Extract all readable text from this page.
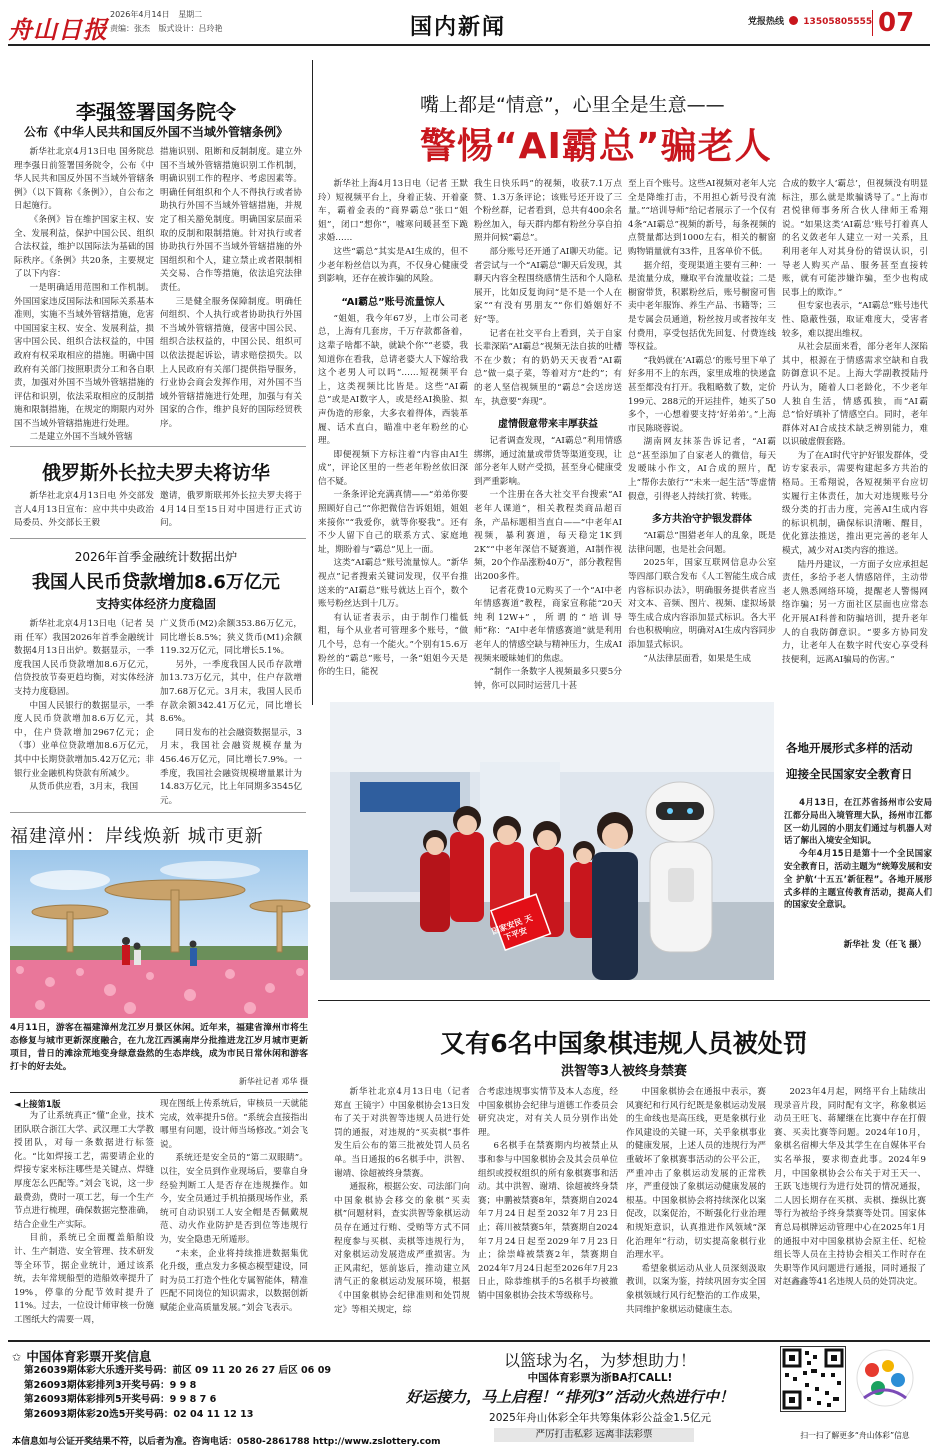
舟山日报
2026年4月14日 星期二
责编：张杰 版式设计：吕玲艳	国内新闻	党报热线 13505805555 07
李强签署国务院令
公布《中华人民共和国反外国不当域外管辖条例》

新华社北京4月13日电 国务院总理李强日前签署国务院令，公布《中华人民共和国反外国不当域外管辖条例》（以下简称《条例》），自公布之日起施行。

《条例》旨在维护国家主权、安全、发展利益，保护中国公民、组织合法权益，维护以国际法为基础的国际秩序。《条例》共20条，主要规定了以下内容：

一是明确适用范围和工作机制。外国国家违反国际法和国际关系基本准则，实施不当域外管辖措施，危害中国国家主权、安全、发展利益，损害中国公民、组织合法权益的，中国政府有权采取相应的措施。明确中国政府有关部门按照职责分工和各自职责，加强对外国不当域外管辖措施的评估和识别，依法采取相应的反制措施和限制措施，在规定的期限内对外国不当域外管辖措施进行处理。

二是建立外国不当域外管辖

措施识别、阻断和反制制度。建立外国不当域外管辖措施识别工作机制，明确识别工作的程序、考虑因素等。明确任何组织和个人不得执行或者协助执行外国不当域外管辖措施，并规定了相关豁免制度。明确国家层面采取的反制和限制措施。针对执行或者协助执行外国不当域外管辖措施的外国组织和个人，建立禁止或者限制相关交易、合作等措施，依法追究法律责任。

三是健全服务保障制度。明确任何组织、个人执行或者协助执行外国不当域外管辖措施，侵害中国公民、组织合法权益的，中国公民、组织可以依法提起诉讼，请求赔偿损失。以上人民政府有关部门提供指导服务，行业协会商会发挥作用，对外国不当域外管辖措施进行处理，加强与有关国家的合作，维护良好的国际经贸秩序。

俄罗斯外长拉夫罗夫将访华

新华社北京4月13日电 外交部发言人4月13日宣布：应中共中央政治局委员、外交部长王毅

邀请，俄罗斯联邦外长拉夫罗夫将于4月14日至15日对中国进行正式访问。

2026年首季金融统计数据出炉
我国人民币贷款增加8.6万亿元
支持实体经济力度稳固

新华社北京4月13日电（记者 吴雨 任军）我国2026年首季金融统计数据4月13日出炉。数据显示，一季度我国人民币贷款增加8.6万亿元，信贷投放节奏更趋均衡，对实体经济支持力度稳固。

中国人民银行的数据显示，一季度人民币贷款增加8.6万亿元，其中，住户贷款增加2967亿元；企（事）业单位贷款增加8.6万亿元，其中中长期贷款增加5.42万亿元；非银行业金融机构贷款有所减少。

从货币供应看，3月末，我国

广义货币(M2)余额353.86万亿元，同比增长8.5%；狭义货币(M1)余额119.32万亿元，同比增长5.1%。

另外，一季度我国人民币存款增加13.73万亿元，其中，住户存款增加7.68万亿元。3月末，我国人民币存款余额342.41万亿元，同比增长8.6%。

同日发布的社会融资数据显示，3月末，我国社会融资规模存量为456.46万亿元，同比增长7.9%。一季度，我国社会融资规模增量累计为14.83万亿元，比上年同期多3545亿元。

福建漳州：岸线焕新 城市更新
4月11日，游客在福建漳州龙江岁月景区休闲。近年来，福建省漳州市将生态修复与城市更新深度融合，在九龙江西溪南岸分批推进龙江岁月城市更新项目，昔日的滩涂荒地变身绿意盎然的生态岸线，成为市民日常休闲和游客打卡的好去处。
新华社记者 邓华 摄
◄上接第1版

为了让系统真正“懂”企业，技术团队联合浙江大学、武汉理工大学教授团队，对每一条数据进行标签化。“比如焊接工艺，需要请企业的焊接专家来标注哪些是关键点、焊缝厚度怎么匹配等。”刘会飞说，这一步最费劲，费时一项工艺，每一个生产节点进行梳理，确保数据完整准确，结合企业生产实际。

目前，系统已全面覆盖船舶设计、生产制造、安全管理、技术研发等全环节，据企业统计，通过该系统，去年常规船型的造船效率提升了19%，停靠的分配节效时提升了11%。过去，一位设计师审核一份施工图纸大约需要一周，

现在图纸上传系统后，审核员一天就能完成，效率提升5倍。“系统会直接指出哪里有问题，设计师当场修改。”刘会飞说。

系统还是安全员的“第二双眼睛”。以往，安全员到作业现场后，要靠自身经验判断工人是否存在违规操作。如今，安全员通过手机拍摄现场作业，系统可自动识别工人安全帽是否佩戴规范、动火作业防护是否到位等违规行为，安全隐患无所遁形。

“未来，企业将持续推进数据集优化升级，重点发力多模态模型建设，同时为员工打造个性化专属智能体，精准匹配不同岗位的知识需求，以数据创新赋能企业高质量发展。”刘会飞表示。

嘴上都是“情意”，心里全是生意——
警惕“AI霸总”骗老人

新华社上海4月13日电（记者 王默玲）短视频平台上，身着正装、开着豪车，霸着金表的“商界霸总”张口“姐姐”，闭口“想你”，嘘寒问暖甚至下跪求婚……

这些“霸总”其实是AI生成的，但不少老年粉丝信以为真，不仅身心健康受到影响，还存在被诈骗的风险。

“AI霸总”账号流量惊人

“姐姐，我今年67岁，上市公司老总，上海有几套房，千万存款都备着，这辈子啥都不缺，就缺个你”“老婆，我知道你在看我，总请老婆大人下嫁给我这个老男人可以吗”……短视频平台上，这类视频比比皆是。这些“AI霸总”或是AI数字人，或是经AI换脸、拟声伪造的形象，大多衣着得体，西装革履、话术直白，瞄准中老年粉丝的心理。

即便视频下方标注着“内容由AI生成”，评论区里的一些老年粉丝依旧深信不疑。

一条条评论充满真情——“弟弟你要照顾好自己”“你把微信告诉姐姐，姐姐来接你”“我爱你，就等你娶我”。还有不少人留下自己的联系方式、家庭地址，期盼着与“霸总”见上一面。

这类“AI霸总”账号流量惊人。“新华视点”记者搜索关键词发现，仅平台推送来的“AI霸总”账号就达上百个，数个账号粉丝达到十几万。

有认证者表示，由于制作门槛低粗，每个从业者可管理多个账号，“做几个号，总有一个能火。”个别有15.6万粉丝的“霸总”账号，一条“姐姐今天是你的生日，能祝

我生日快乐吗”的视频，收获7.1万点赞、1.3万条评论；该账号还开设了三个粉丝群，记者看到，总共有400余名粉丝加入，每天群内都有粉丝分享自拍照并问候“霸总”。

部分账号还开通了AI聊天功能。记者尝试与一个“AI霸总”聊天后发现，其聊天内容全程围绕感情生活和个人隐私展开，比如反复询问“是不是一个人在家”“有没有男朋友”“你们婚姻好不好”等。

记者在社交平台上看到，关于自家长辈深陷“AI霸总”视频无法自拔的吐槽不在少数；有的奶奶天天夜看“AI霸总”做一桌子菜，等着对方“赴约”；有的老人坚信视频里的“霸总”会送房送车，执意要“奔现”。

虚情假意带来丰厚获益

记者调查发现，“AI霸总”利用情感绑绑，通过流量或带货等渠道变现，让部分老年人财产受损，甚至身心健康受到严重影响。

一个注册在各大社交平台搜索“AI老年人课道”，相关教程类商品超百条，产品标题相当直白——“中老年AI视频，暴利赛道，每天稳定1K到2K”“中老年深信不疑赛道，AI制作视频，20个作品涨粉40万”，部分教程售出200多件。

记者花费10元购买了一个“AI中老年情感赛道”教程，商家宣称能“20天纯利12W+”，所谓的“培训导师”称：“AI中老年情感赛道”就是利用老年人的情感空缺与精神压力，生成AI视频来暧昧她们的焦虑。

“制作一条数字人视频最多只要5分钟，你可以同时运营几十甚

至上百个账号。这些AI视频对老年人完全是降维打击，不用担心新号没有流量。”“培训导师”给记者展示了一个仅有4条“AI霸总”视频的新号，每条视频的点赞量都达到1000左右，相关的橱窗购物销量就有33件，且客单价不低。

据介绍，变现渠道主要有三种：一是流量分成，赚取平台流量收益；二是橱窗带货，积累粉丝后，账号橱窗可售卖中老年服饰、养生产品、书籍等；三是专属会员通道，粉丝按月或者按年支付费用，享受包括优先回复、付费连线等权益。

“我妈就在‘AI霸总’的账号里下单了好多用不上的东西，家里成堆的快递盒甚至都没有打开。我粗略数了数，定价199元、288元的开运挂件，她买了50多个，一心想着要支持‘好弟弟’。”上海市民陈晓蓉说。

湖南网友抹茶告诉记者，“AI霸总”甚至添加了自家老人的微信，每天发暧昧小作文，AI合成的照片，配上“帮你去旅行”“未来一起生活”等虚情假意，引得老人持续打赏、转账。

多方共治守护银发群体

“AI霸总”围猎老年人的乱象，既是法律问题，也是社会问题。

2025年，国家互联网信息办公室等四部门联合发布《人工智能生成合成内容标识办法》，明确服务提供者应当对文本、音频、图片、视频、虚拟场景等生成合成内容添加显式标识。各大平台也积极响应，明确对AI生成内容同步添加显式标识。

“从法律层面看，如果是生成

合成的数字人‘霸总’，但视频没有明显标注，那么就是欺骗诱导了。”上海市君悦律师事务所合伙人律师王希翔说。“如果这类‘AI霸总’账号打着真人的名义敛老年人建立一对一关系，且利用老年人对其身份的错误认识，引导老人购买产品、服务甚至直接转账，就有可能涉嫌诈骗，至少也构成民事上的欺诈。”

但专家也表示，“AI霸总”账号违代性、隐蔽性强，取证难度大，受害者较多，难以提出维权。

从社会层面来看，部分老年人深陷其中，根源在于情感需求空缺和自我防御意识不足。上海大学副教授陆丹丹认为，随着人口老龄化，不少老年人独自生活，情感孤独，而“AI霸总”恰好填补了情感空白。同时，老年群体对AI合成技术缺乏辨别能力，难以识破虚假套路。

为了在AI时代守护好银发群体，受访专家表示，需要构建起多方共治的格局。王希翔说，各短视频平台应切实履行主体责任，加大对违规账号分级分类的打击力度，完善AI生成内容的标识机制，确保标识清晰、醒目，优化算法推送，推出更完善的老年人模式，减少对AI类内容的推送。

陆丹丹建议，一方面子女应承担起责任，多给予老人情感陪伴，主动带老人熟悉网络环境，提醒老人警惕网络诈骗；另一方面社区层面也应常态化开展AI科普和防骗培训，提升老年人的自我防御意识。“要多方协同发力，让老年人在数字时代安心享受科技便利，远离AI骗局的伤害。”

国家安民 天下平安
各地开展形式多样的活动
迎接全民国家安全教育日

4月13日，在江苏省扬州市公安局江都分局出入境管理大队，扬州市江都区一幼儿园的小朋友们通过与机器人对话了解出入境安全知识。

今年4月15日是第十一个全民国家安全教育日，活动主题为“统筹发展和安全 护航‘十五五’新征程”。各地开展形式多样的主题宣传教育活动，提高人们的国家安全意识。

新华社 发（任飞 摄）
又有6名中国象棋违规人员被处罚
洪智等3人被终身禁赛

新华社北京4月13日电（记者 郑直 王镜宇）中国象棋协会13日发布了关于对洪智等违规人员进行处罚的通报，对违规的“买卖棋”事件发生后公布的第三批被处罚人员名单。当日通报的6名棋手中，洪智、谢靖、徐超被终身禁赛。

通报称，根据公安、司法部门向中国象棋协会移交的象棋“买卖棋”问题材料，查实洪智等象棋运动员存在通过行贿、受贿等方式不同程度参与买棋、卖棋等违规行为，对象棋运动发展造成严重损害。为正风肃纪，惩前毖后，推动建立风清气正的象棋运动发展环境，根据《中国象棋协会纪律准则和处罚规定》等相关规定，综

合考虑违规事实情节及本人态度，经中国象棋协会纪律与道德工作委员会研究决定，对有关人员分别作出处理。

6名棋手在禁赛期内均被禁止从事和参与中国象棋协会及其会员单位组织或授权组织的所有象棋赛事和活动。其中洪智、谢靖、徐超被终身禁赛；申鹏被禁赛8年，禁赛期自2024年7月24日起至2032年7月23日止；蒋川被禁赛5年，禁赛期自2024年7月24日起至2029年7月23日止；徐崇峰被禁赛2年，禁赛期自2024年7月24日起至2026年7月23日止，除恭维棋手的5名棋手均被撤销中国象棋协会技术等级称号。

中国象棋协会在通报中表示，赛风赛纪和行风行纪既是象棋运动发展的生命线也是高压线，更是象棋行业作风建设的关键一环，关乎象棋事业的健康发展，上述人员的违规行为严重破坏了象棋赛事活动的公平公正，严重冲击了象棋运动发展的正常秩序，严重侵蚀了象棋运动健康发展的根基。中国象棋协会将持续深化以案促改，以案促治，不断强化行业治理和规矩意识，认真推进作风领域“深化治理年”行动，切实提高象棋行业治理水平。

希望象棋运动从业人员深刻汲取教训，以案为鉴，持续巩固夯实全国象棋领域行风行纪整治的工作成果，共同维护象棋运动健康生态。

2023年4月起，网络平台上陆续出现录音片段，同时配有文字，称象棋运动员王旺飞、蒋耀继在比赛中存在打假赛、买卖比赛等问题。2024年10月，象棋名宿柳大华及其学生在自媒体平台实名举报，要求彻查此事。2024年9月，中国象棋协会公布关于对王天一、王跃飞违规行为进行处罚的情况通报，二人因长期存在买棋、卖棋、操纵比赛等行为被给予终身禁赛等处罚。国家体育总局棋牌运动管理中心在2025年1月的通报中对中国象棋协会原主任、纪检组长等人员在主持协会相关工作时存在失职等作风问题进行通报，同时通报了对赵鑫鑫等41名违规人员的处罚决定。

✩ 中国体育彩票开奖信息
第26039期体彩大乐透开奖号码：前区 09 11 20 26 27 后区 06 09
第26093期体彩排列3开奖号码：9 9 8
第26093期体彩排列5开奖号码：9 9 8 7 6
第26093期体彩20选5开奖号码：02 04 11 12 13
本信息如与公证开奖结果不符，以后者为准。咨询电话：0580-2861788 http://www.zslottery.com
以篮球为名，为梦想助力！
中国体育彩票为浙BA打CALL!
好运接力，马上启程！“排列3”活动火热进行中！
2025年舟山体彩全年共筹集体彩公益金1.5亿元
严厉打击私彩 远离非法彩票	扫一扫了解更多“舟山体彩”信息
